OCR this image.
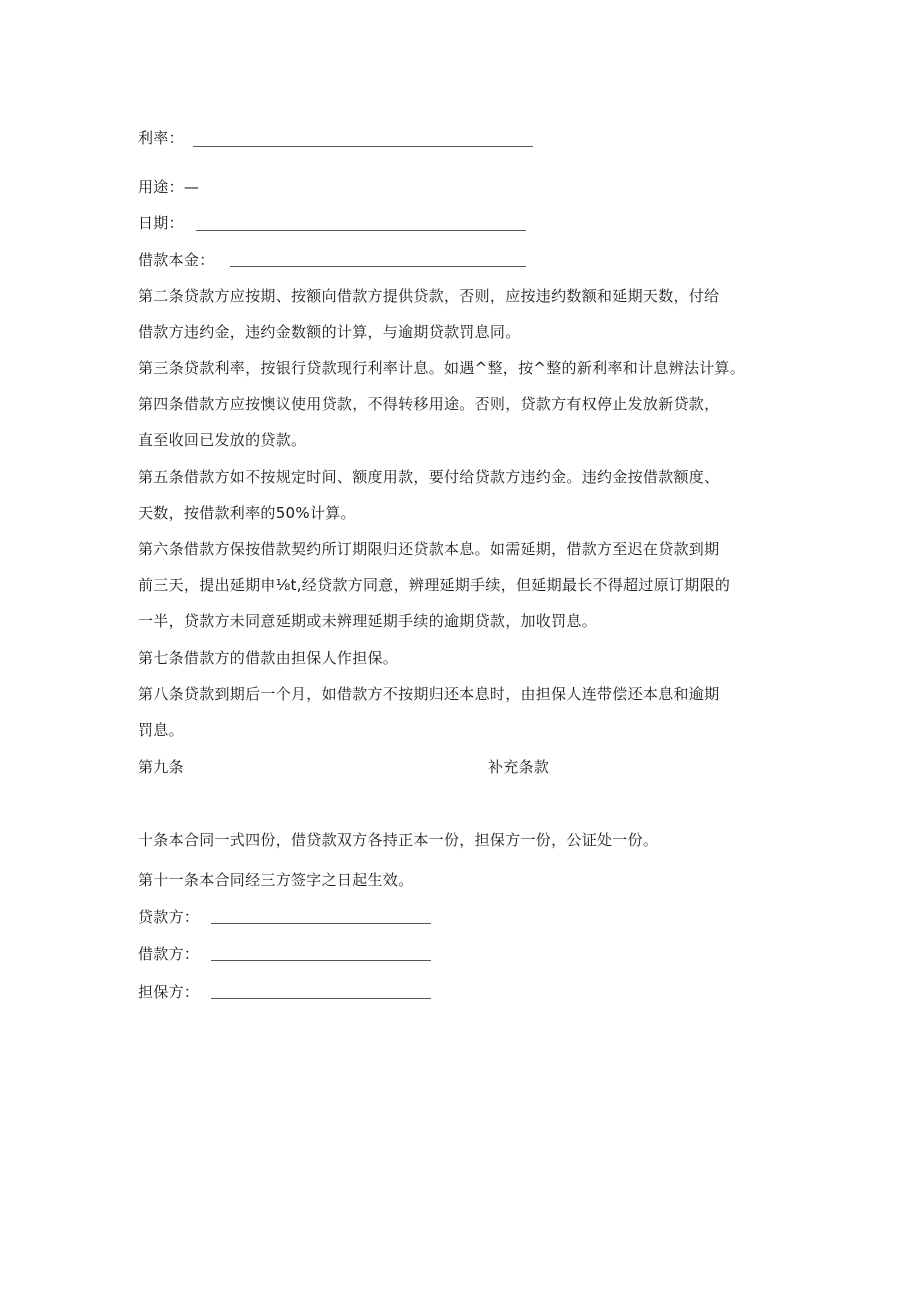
利率：
用途：—
日期：
借款本金：
第二条贷款方应按期、按额向借款方提供贷款，否则，应按违约数额和延期天数，付给
借款方违约金，违约金数额的计算，与逾期贷款罚息同。
第三条贷款利率，按银行贷款现行利率计息。如遇^整，按^整的新利率和计息辨法计算。
第四条借款方应按懊议使用贷款，不得转移用途。否则，贷款方有权停止发放新贷款，
直至收回已发放的贷款。
第五条借款方如不按规定时间、额度用款，要付给贷款方违约金。违约金按借款额度、
天数，按借款利率的50%计算。
第六条借款方保按借款契约所订期限归还贷款本息。如需延期，借款方至迟在贷款到期
前三天，提出延期申⅛t,经贷款方同意，辨理延期手续，但延期最长不得超过原订期限的
一半，贷款方未同意延期或未辨理延期手续的逾期贷款，加收罚息。
第七条借款方的借款由担保人作担保。
第八条贷款到期后一个月，如借款方不按期归还本息时，由担保人连带偿还本息和逾期
罚息。
第九条	补充条款
十条本合同一式四份，借贷款双方各持正本一份，担保方一份，公证处一份。
第十一条本合同经三方签字之日起生效。
贷款方：
借款方：
担保方：
